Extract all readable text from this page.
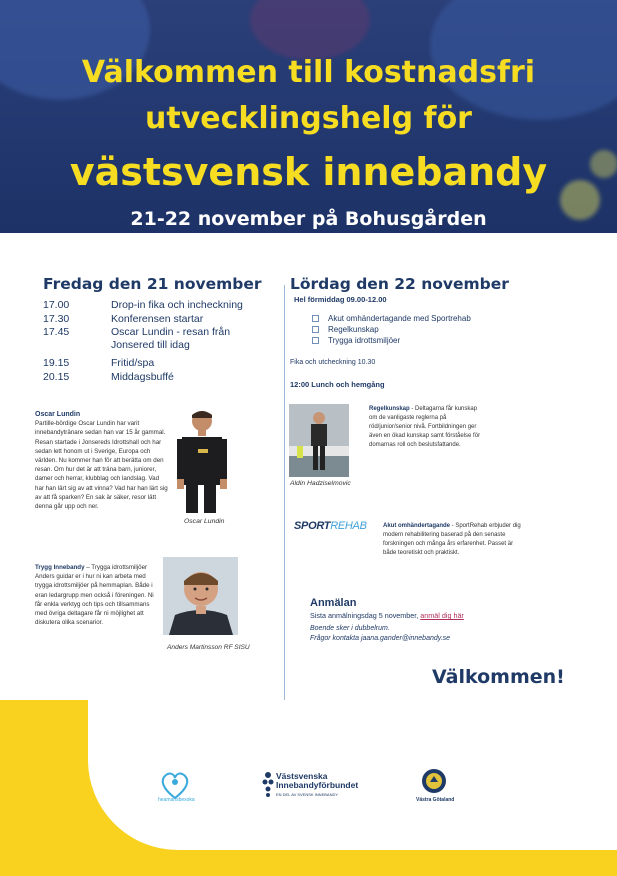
Välkommen till kostnadsfri
utvecklingshelg för
västsvensk innebandy
21-22 november på Bohusgården
Fredag den 21 november
17.00	Drop-in fika och incheckning
17.30	Konferensen startar
17.45	Oscar Lundin - resan från Jonsered till idag
19.15	Fritid/spa
20.15	Middagsbuffé
Oscar Lundin
Partille-bördige Oscar Lundin har varit innebandytränare sedan han var 15 år gammal. Resan startade i Jonsereds Idrottshall och har sedan lett honom ut i Sverige, Europa och världen. Nu kommer han för att berätta om den resan. Om hur det är att träna barn, juniorer, damer och herrar, klubblag och landslag. Vad har han lärt sig av att vinna? Vad har han lärt sig av att få sparken? En sak är säker, resor lätt denna går upp och ner.
Oscar Lundin
Trygg Innebandy – Trygga idrottsmiljöer
Anders guidar er i hur ni kan arbeta med trygga idrottsmiljöer på hemmaplan. Både i eran ledargrupp men också i föreningen. Ni får enkla verktyg och tips och tillsammans med övriga deltagare får ni möjlighet att diskutera olika scenarior.
Anders Martinsson RF SISU
Lördag den 22 november
Hel förmiddag 09.00-12.00
Akut omhändertagande med Sportrehab
Regelkunskap
Trygga idrottsmiljöer
Fika och utcheckning 10.30
12:00 Lunch och hemgång
Aldin Hadziselmovic
Regelkunskap - Deltagarna får kunskap om de vanligaste reglerna på röd/junior/senior nivå. Fortbildningen ger även en ökad kunskap samt förståelse för domarnas roll och beslutsfattande.
SPORTREHAB	Akut omhändertagande - SportRehab erbjuder dig modern rehabilitering baserad på den senaste forskningen och många års erfarenhet. Passet är både teoretiskt och praktiskt.
Anmälan
Sista anmälningsdag 5 november, anmäl dig här
Boende sker i dubbelrum.
Frågor kontakta jaana.gander@innebandy.se
Välkommen!
heamansbesoka
Västsvenska
Innebandyförbundet
EN DEL AV SVENSK INNEBANDY
Västra Götaland
